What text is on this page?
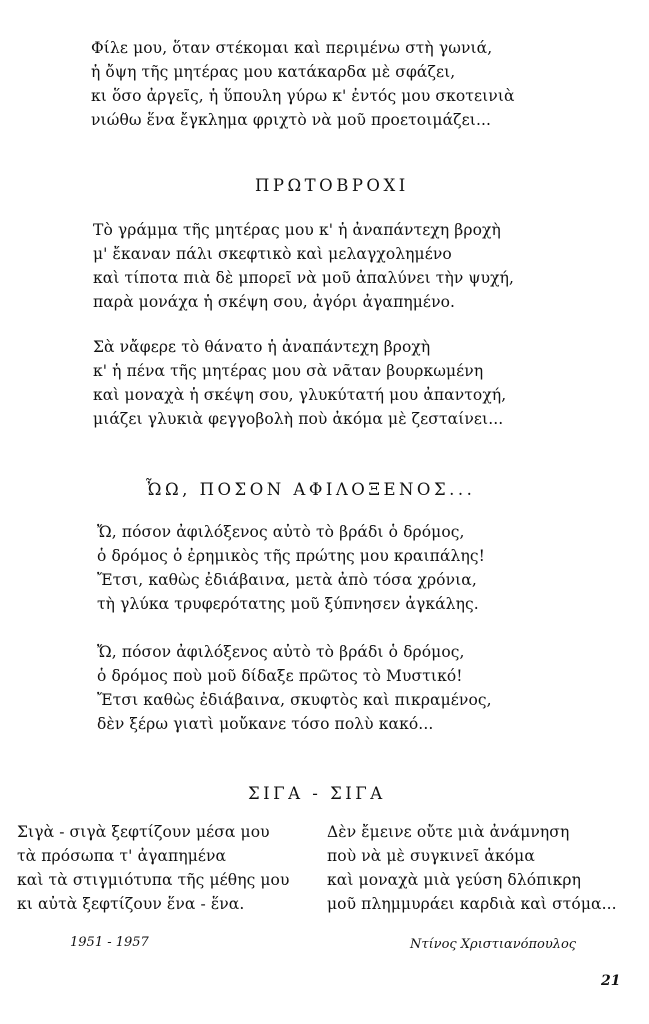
Φίλε μου, ὅταν στέκομαι καὶ περιμένω στὴ γωνιά,
ἡ ὄψη τῆς μητέρας μου κατάκαρδα μὲ σφάζει,
κι ὅσο ἀργεῖς, ἡ ὕπουλη γύρω κ' ἐντός μου σκοτεινιὰ
νιώθω ἕνα ἔγκλημα φριχτὸ νὰ μοῦ προετοιμάζει...
ΠΡΩΤΟΒΡΟΧΙ
Τὸ γράμμα τῆς μητέρας μου κ' ἡ ἀναπάντεχη βροχὴ
μ' ἔκαναν πάλι σκεφτικὸ καὶ μελαγχολημένο
καὶ τίποτα πιὰ δὲ μπορεῖ νὰ μοῦ ἀπαλύνει τὴν ψυχή,
παρὰ μονάχα ἡ σκέψη σου, ἀγόρι ἀγαπημένο.
Σὰ νἄφερε τὸ θάνατο ἡ ἀναπάντεχη βροχὴ
κ' ἡ πένα τῆς μητέρας μου σὰ νᾶταν βουρκωμένη
καὶ μοναχὰ ἡ σκέψη σου, γλυκύτατή μου ἀπαντοχή,
μιάζει γλυκιὰ φεγγοβολὴ ποὺ ἀκόμα μὲ ζεσταίνει...
ὮΩ, ΠΟΣΟΝ ΑΦΙΛΟΞΕΝΟΣ...
Ὤ, πόσον ἀφιλόξενος αὐτὸ τὸ βράδι ὁ δρόμος,
ὁ δρόμος ὁ ἐρημικὸς τῆς πρώτης μου κραιπάλης!
Ἔτσι, καθὼς ἐδιάβαινα, μετὰ ἀπὸ τόσα χρόνια,
τὴ γλύκα τρυφερότατης μοῦ ξύπνησεν ἀγκάλης.
Ὤ, πόσον ἀφιλόξενος αὐτὸ τὸ βράδι ὁ δρόμος,
ὁ δρόμος ποὺ μοῦ δίδαξε πρῶτος τὸ Μυστικό!
Ἔτσι καθὼς ἐδιάβαινα, σκυφτὸς καὶ πικραμένος,
δὲν ξέρω γιατὶ μοὔκανε τόσο πολὺ κακό...
ΣΙΓΑ - ΣΙΓΑ
Σιγὰ - σιγὰ ξεφτίζουν μέσα μου
τὰ πρόσωπα τ' ἀγαπημένα
καὶ τὰ στιγμιότυπα τῆς μέθης μου
κι αὐτὰ ξεφτίζουν ἕνα - ἕνα.
Δὲν ἔμεινε οὔτε μιὰ ἀνάμνηση
ποὺ νὰ μὲ συγκινεῖ ἀκόμα
καὶ μοναχὰ μιὰ γεύση δλόπικρη
μοῦ πλημμυράει καρδιὰ καὶ στόμα...
1951 - 1957	Ντίνος Χριστιανόπουλος
21
